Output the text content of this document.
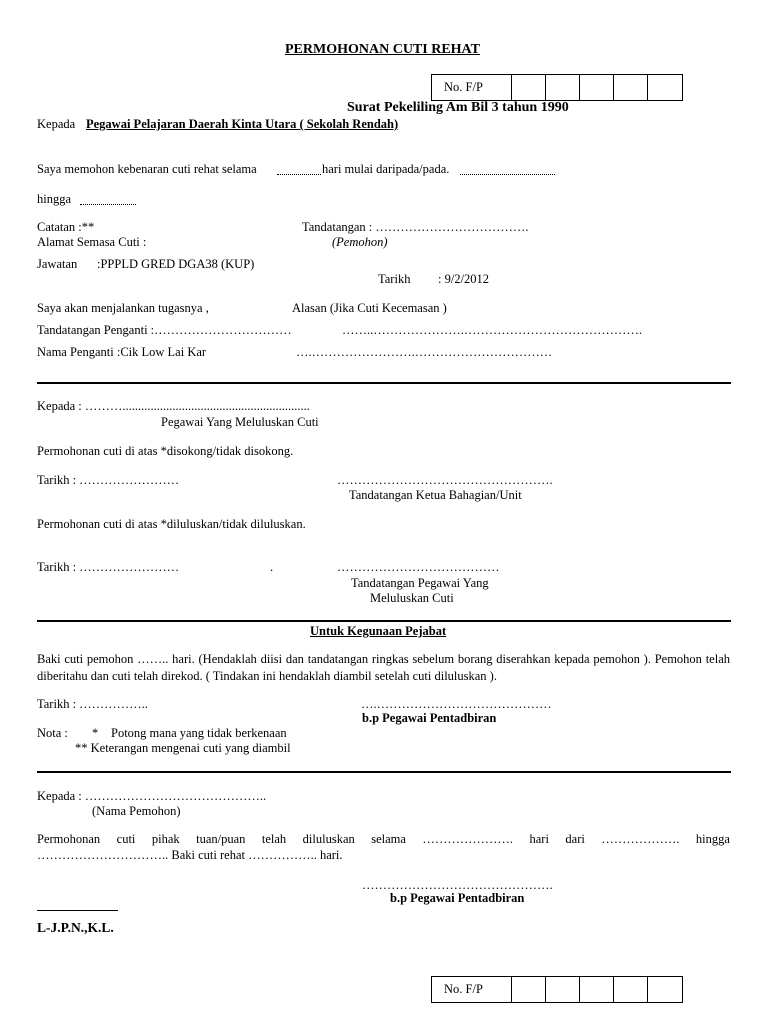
PERMOHONAN CUTI REHAT
No. F/P
Surat Pekeliling Am Bil 3 tahun 1990
Kepada Pegawai Pelajaran Daerah Kinta Utara ( Sekolah Rendah)
Saya memohon kebenaran cuti rehat selama	hari mulai daripada/pada.
hingga
Catatan :**	Tandatangan : ……………………………….
Alamat Semasa Cuti :	(Pemohon)
Jawatan :PPPLD GRED DGA38 (KUP)
Tarikh : 9/2/2012
Saya akan menjalankan tugasnya ,	Alasan (Jika Cuti Kecemasan )
Tandatangan Penganti :……………………………	……..………………….…………………………………….
Nama Penganti :Cik Low Lai Kar	….…………………….……………………………
Kepada : ………............................................................
Pegawai Yang Meluluskan Cuti
Permohonan cuti di atas *disokong/tidak disokong.
Tarikh : ……………………	…………………………………………….
Tandatangan Ketua Bahagian/Unit
Permohonan cuti di atas *diluluskan/tidak diluluskan.
Tarikh : ……………………	.	…………………………………
Tandatangan Pegawai Yang
Meluluskan Cuti
Untuk Kegunaan Pejabat
Baki cuti pemohon …….. hari. (Hendaklah diisi dan tandatangan ringkas sebelum borang diserahkan kepada pemohon ). Pemohon telah diberitahu dan cuti telah direkod. ( Tindakan ini hendaklah diambil setelah cuti diluluskan ).
Tarikh : ……………..	….……………………………………
b.p Pegawai Pentadbiran
Nota : * Potong mana yang tidak berkenaan
** Keterangan mengenai cuti yang diambil
Kepada : ……………………………………..
(Nama Pemohon)
Permohonan cuti pihak tuan/puan telah diluluskan selama …………………. hari dari ………………. hingga
………………………….. Baki cuti rehat …………….. hari.
……………………………………….
b.p Pegawai Pentadbiran
L-J.P.N.,K.L.
No. F/P
